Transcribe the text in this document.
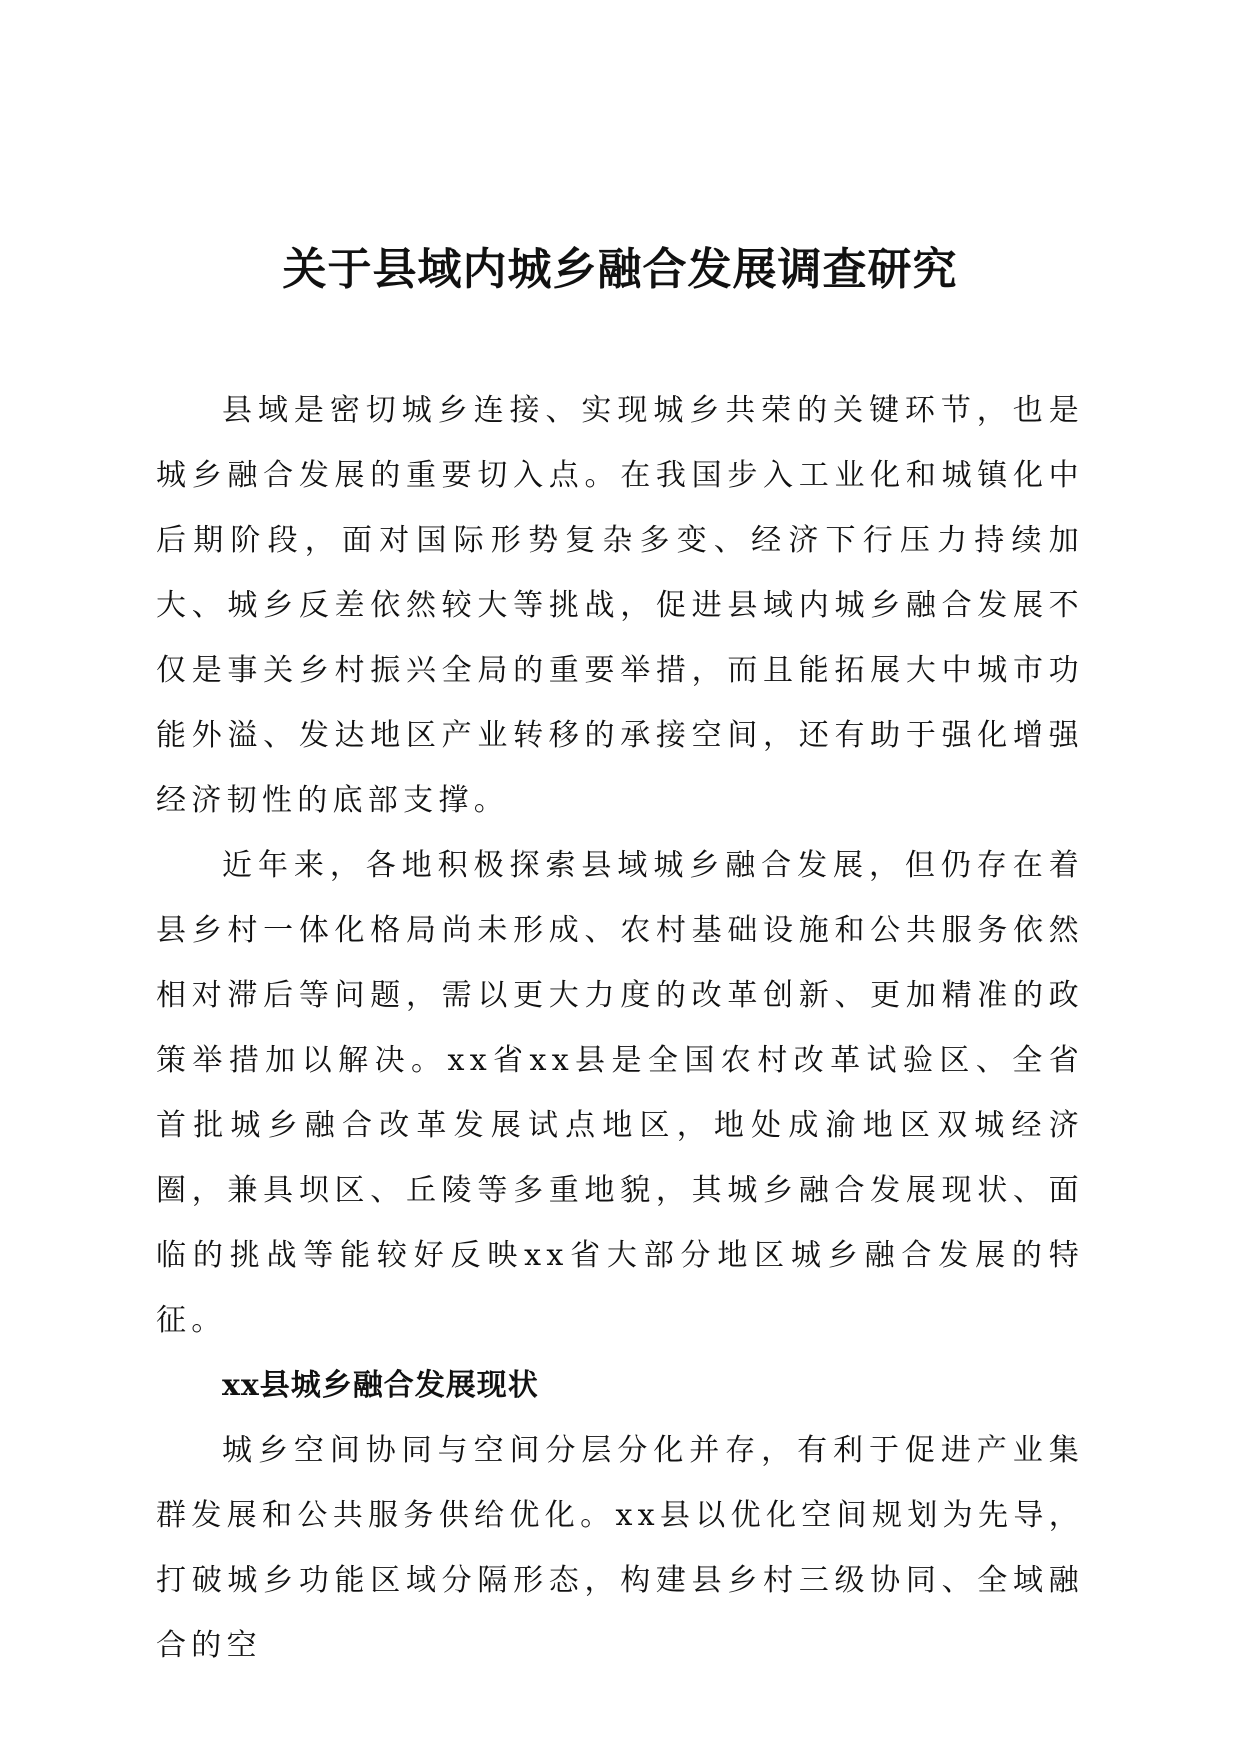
关于县域内城乡融合发展调查研究

县域是密切城乡连接、实现城乡共荣的关键环节，也是城乡融合发展的重要切入点。在我国步入工业化和城镇化中后期阶段，面对国际形势复杂多变、经济下行压力持续加大、城乡反差依然较大等挑战，促进县域内城乡融合发展不仅是事关乡村振兴全局的重要举措，而且能拓展大中城市功能外溢、发达地区产业转移的承接空间，还有助于强化增强经济韧性的底部支撑。

近年来，各地积极探索县域城乡融合发展，但仍存在着县乡村一体化格局尚未形成、农村基础设施和公共服务依然相对滞后等问题，需以更大力度的改革创新、更加精准的政策举措加以解决。xx省xx县是全国农村改革试验区、全省首批城乡融合改革发展试点地区，地处成渝地区双城经济圈，兼具坝区、丘陵等多重地貌，其城乡融合发展现状、面临的挑战等能较好反映xx省大部分地区城乡融合发展的特征。

xx县城乡融合发展现状

城乡空间协同与空间分层分化并存，有利于促进产业集群发展和公共服务供给优化。xx县以优化空间规划为先导，打破城乡功能区域分隔形态，构建县乡村三级协同、全域融合的空
